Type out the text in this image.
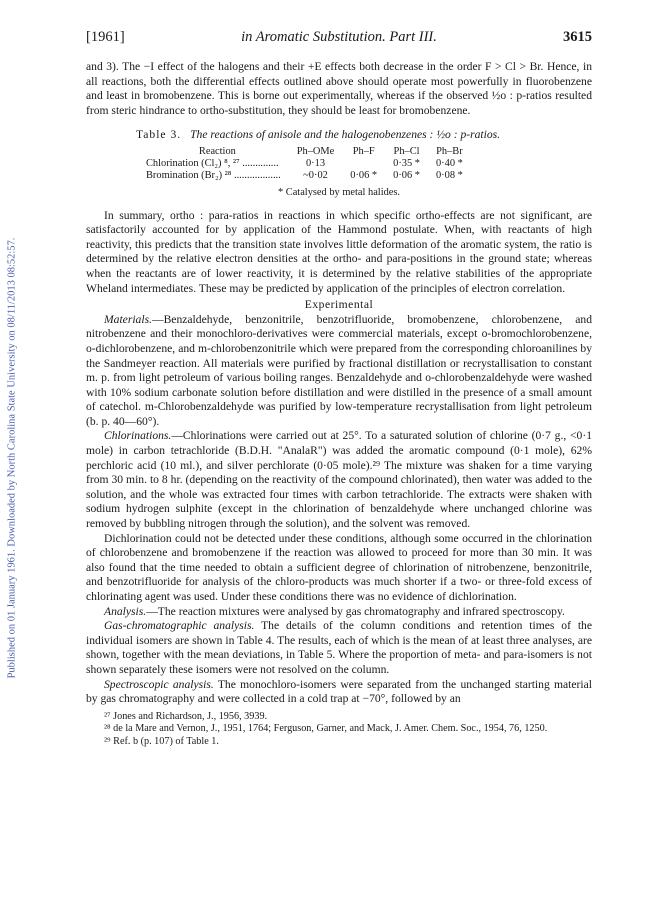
Published on 01 January 1961. Downloaded by North Carolina State University on 08/11/2013 08:52:57.
[1961]	in Aromatic Substitution. Part III.	3615

and 3). The −I effect of the halogens and their +E effects both decrease in the order F > Cl > Br. Hence, in all reactions, both the differential effects outlined above should operate most powerfully in fluorobenzene and least in bromobenzene. This is borne out experimentally, whereas if the observed ½o : p-ratios resulted from steric hindrance to ortho-substitution, they should be least for bromobenzene.

Table 3. The reactions of anisole and the halogenobenzenes : ½o : p-ratios.
Reaction	Ph–OMe	Ph–F	Ph–Cl	Ph–Br
Chlorination (Cl₂) ⁸, ²⁷ ..............	0·13		0·35 *	0·40 *
Bromination (Br₂) ²⁸ ..................	~0·02	0·06 *	0·06 *	0·08 *
* Catalysed by metal halides.

In summary, ortho : para-ratios in reactions in which specific ortho-effects are not significant, are satisfactorily accounted for by application of the Hammond postulate. When, with reactants of high reactivity, this predicts that the transition state involves little deformation of the aromatic system, the ratio is determined by the relative electron densities at the ortho- and para-positions in the ground state; whereas when the reactants are of lower reactivity, it is determined by the relative stabilities of the appropriate Wheland intermediates. These may be predicted by application of the principles of electron correlation.

Experimental

Materials.—Benzaldehyde, benzonitrile, benzotrifluoride, bromobenzene, chlorobenzene, and nitrobenzene and their monochloro-derivatives were commercial materials, except o-bromochlorobenzene, o-dichlorobenzene, and m-chlorobenzonitrile which were prepared from the corresponding chloroanilines by the Sandmeyer reaction. All materials were purified by fractional distillation or recrystallisation to constant m. p. from light petroleum of various boiling ranges. Benzaldehyde and o-chlorobenzaldehyde were washed with 10% sodium carbonate solution before distillation and were distilled in the presence of a small amount of catechol. m-Chlorobenzaldehyde was purified by low-temperature recrystallisation from light petroleum (b. p. 40—60°).

Chlorinations.—Chlorinations were carried out at 25°. To a saturated solution of chlorine (0·7 g., <0·1 mole) in carbon tetrachloride (B.D.H. "AnalaR") was added the aromatic compound (0·1 mole), 62% perchloric acid (10 ml.), and silver perchlorate (0·05 mole).²⁹ The mixture was shaken for a time varying from 30 min. to 8 hr. (depending on the reactivity of the compound chlorinated), then water was added to the solution, and the whole was extracted four times with carbon tetrachloride. The extracts were shaken with sodium hydrogen sulphite (except in the chlorination of benzaldehyde where unchanged chlorine was removed by bubbling nitrogen through the solution), and the solvent was removed.

Dichlorination could not be detected under these conditions, although some occurred in the chlorination of chlorobenzene and bromobenzene if the reaction was allowed to proceed for more than 30 min. It was also found that the time needed to obtain a sufficient degree of chlorination of nitrobenzene, benzonitrile, and benzotrifluoride for analysis of the chloro-products was much shorter if a two- or three-fold excess of chlorinating agent was used. Under these conditions there was no evidence of dichlorination.

Analysis.—The reaction mixtures were analysed by gas chromatography and infrared spectroscopy.

Gas-chromatographic analysis. The details of the column conditions and retention times of the individual isomers are shown in Table 4. The results, each of which is the mean of at least three analyses, are shown, together with the mean deviations, in Table 5. Where the proportion of meta- and para-isomers is not shown separately these isomers were not resolved on the column.

Spectroscopic analysis. The monochloro-isomers were separated from the unchanged starting material by gas chromatography and were collected in a cold trap at −70°, followed by an

²⁷ Jones and Richardson, J., 1956, 3939.
²⁸ de la Mare and Vernon, J., 1951, 1764; Ferguson, Garner, and Mack, J. Amer. Chem. Soc., 1954, 76, 1250.
²⁹ Ref. b (p. 107) of Table 1.
